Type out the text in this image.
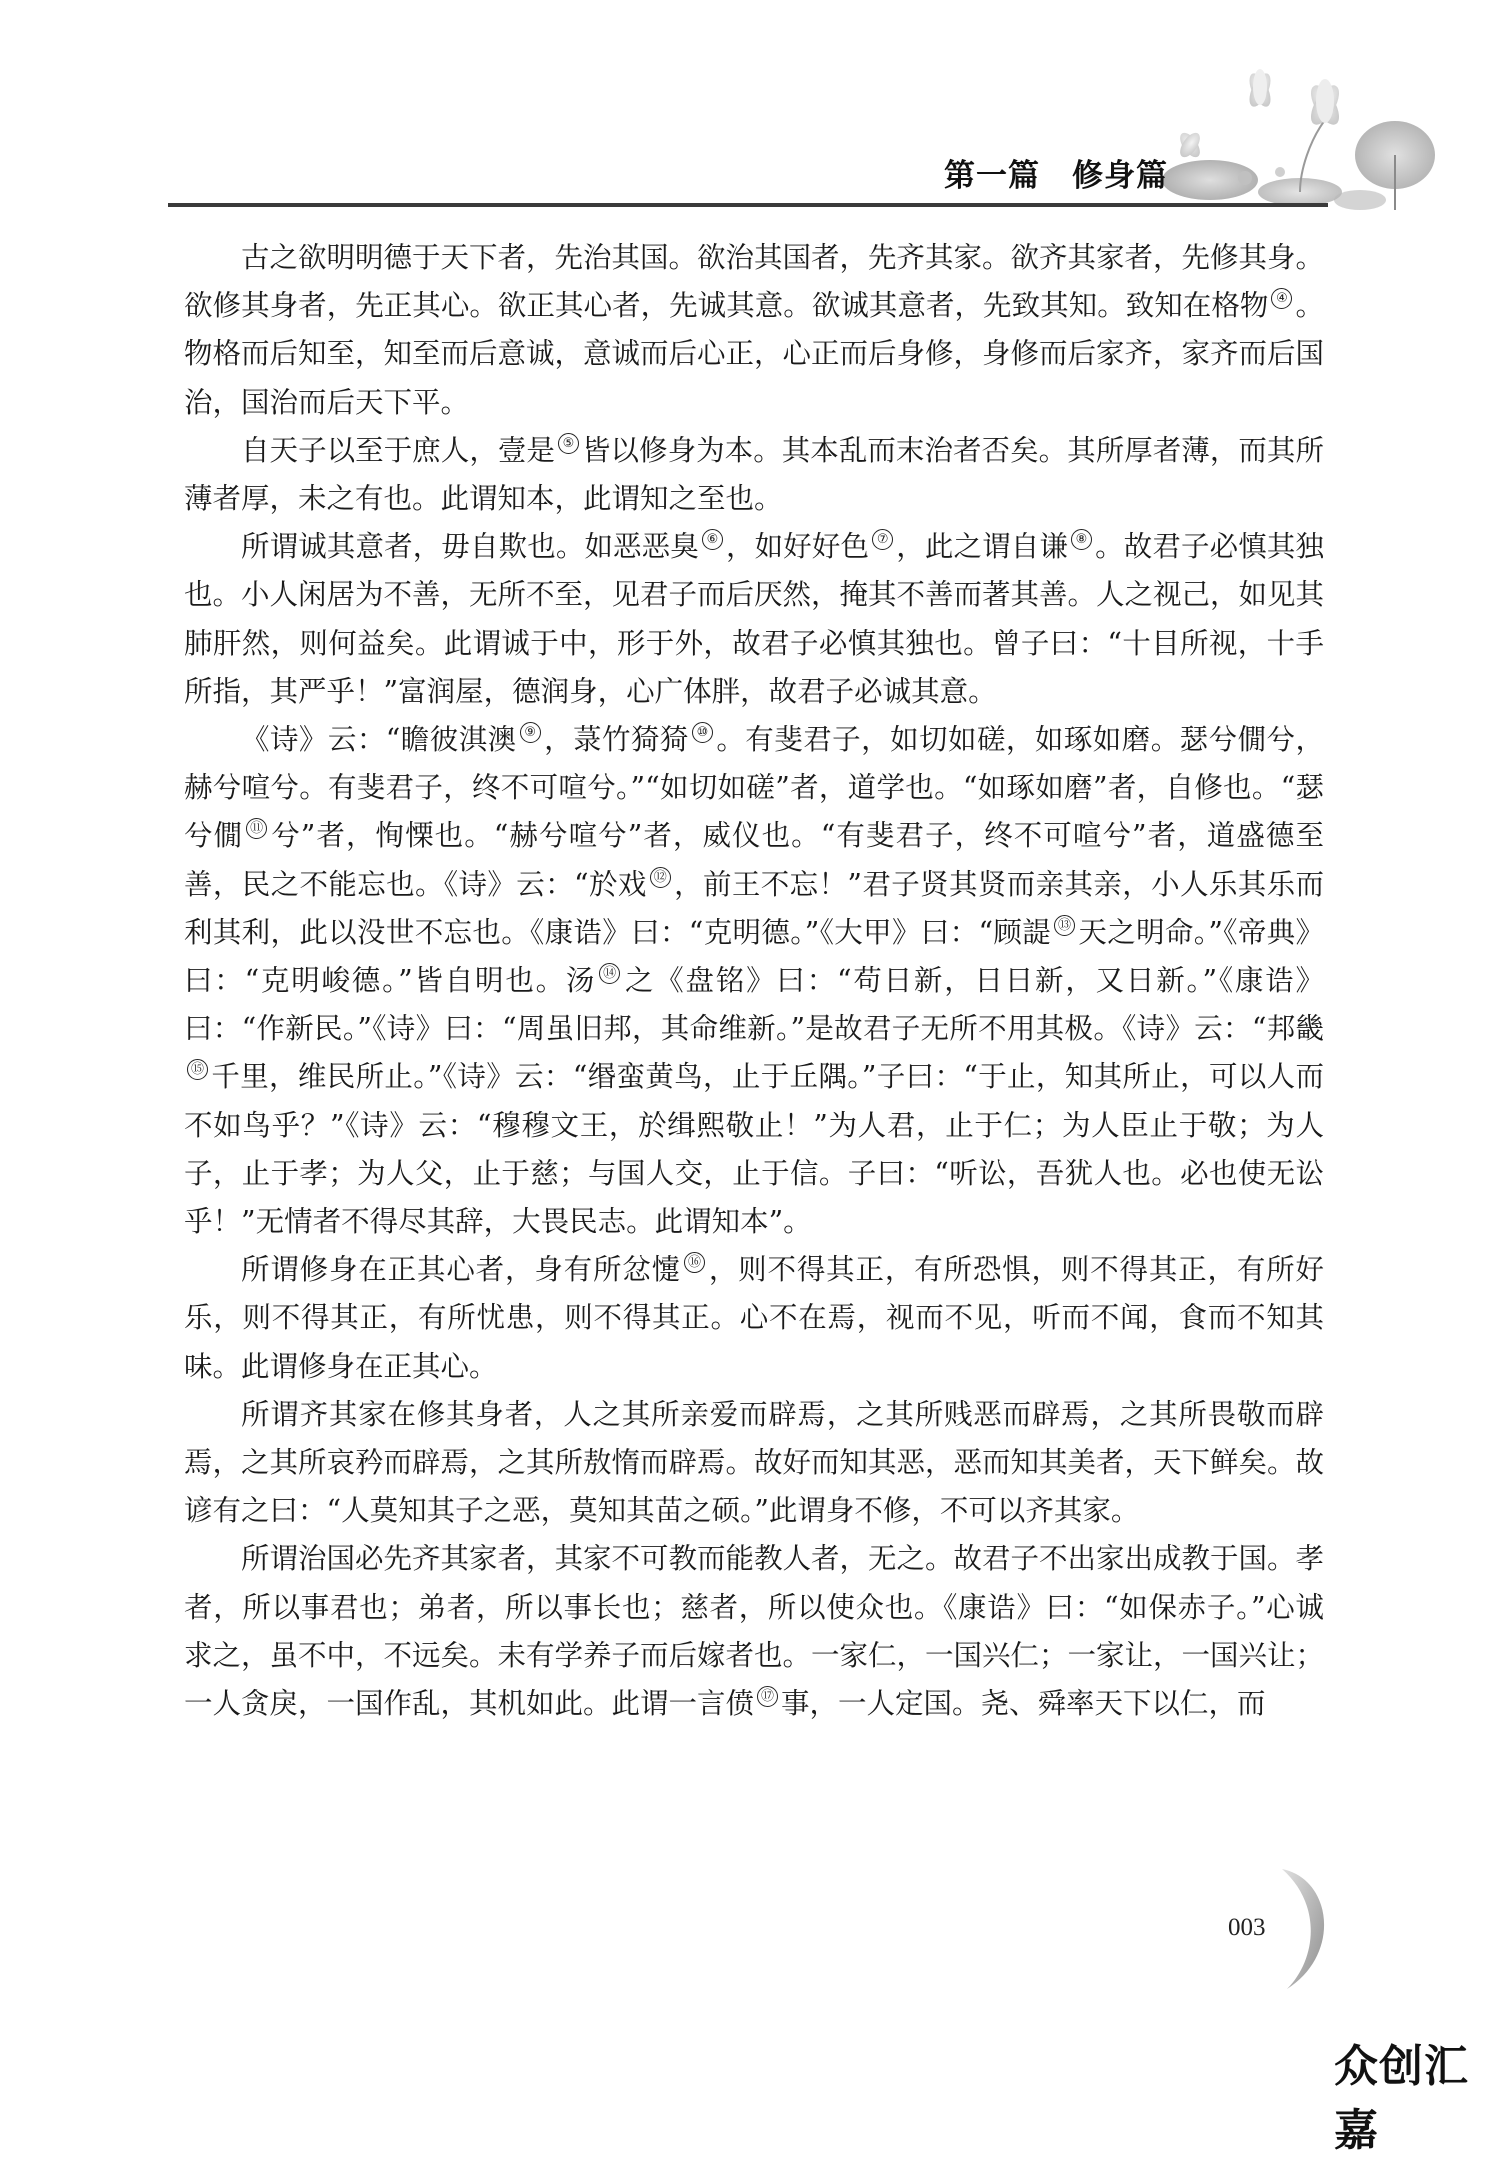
第一篇　修身篇

古之欲明明德于天下者，先治其国。欲治其国者，先齐其家。欲齐其家者，先修其身。欲修其身者，先正其心。欲正其心者，先诚其意。欲诚其意者，先致其知。致知在格物 ④ 。物格而后知至，知至而后意诚，意诚而后心正，心正而后身修，身修而后家齐，家齐而后国治，国治而后天下平。

自天子以至于庶人，壹是 ⑤ 皆以修身为本。其本乱而末治者否矣。其所厚者薄，而其所薄者厚，未之有也。此谓知本，此谓知之至也。

所谓诚其意者，毋自欺也。如恶恶臭 ⑥ ，如好好色 ⑦ ，此之谓自谦 ⑧ 。故君子必慎其独也。小人闲居为不善，无所不至，见君子而后厌然，掩其不善而著其善。人之视己，如见其肺肝然，则何益矣。此谓诚于中，形于外，故君子必慎其独也。曾子曰：“十目所视，十手所指，其严乎！”富润屋，德润身，心广体胖，故君子必诚其意。

《诗》云：“瞻彼淇澳 ⑨ ，菉竹猗猗 ⑩ 。有斐君子，如切如磋，如琢如磨。瑟兮僩兮，赫兮喧兮。有斐君子，终不可喧兮。”“如切如磋”者，道学也。“如琢如磨”者，自修也。“瑟兮僩 ⑪ 兮”者，恂慄也。“赫兮喧兮”者，威仪也。“有斐君子，终不可喧兮”者，道盛德至善，民之不能忘也。《诗》云：“於戏 ⑫ ，前王不忘！”君子贤其贤而亲其亲，小人乐其乐而利其利，此以没世不忘也。《康诰》曰：“克明德。”《大甲》曰：“顾諟 ⑬ 天之明命。”《帝典》曰：“克明峻德。”皆自明也。汤 ⑭ 之《盘铭》曰：“苟日新，日日新，又日新。”《康诰》曰：“作新民。”《诗》曰：“周虽旧邦，其命维新。”是故君子无所不用其极。《诗》云：“邦畿⑮ 千里，维民所止。”《诗》云：“缗蛮黄鸟，止于丘隅。”子曰：“于止，知其所止，可以人而不如鸟乎？”《诗》云：“穆穆文王，於缉熙敬止！”为人君，止于仁；为人臣止于敬；为人子，止于孝；为人父，止于慈；与国人交，止于信。子曰：“听讼，吾犹人也。必也使无讼乎！”无情者不得尽其辞，大畏民志。此谓知本”。

所谓修身在正其心者，身有所忿懥 ⑯ ，则不得其正，有所恐惧，则不得其正，有所好乐，则不得其正，有所忧患，则不得其正。心不在焉，视而不见，听而不闻，食而不知其味。此谓修身在正其心。

所谓齐其家在修其身者，人之其所亲爱而辟焉，之其所贱恶而辟焉，之其所畏敬而辟焉，之其所哀矜而辟焉，之其所敖惰而辟焉。故好而知其恶，恶而知其美者，天下鲜矣。故谚有之曰：“人莫知其子之恶，莫知其苗之硕。”此谓身不修，不可以齐其家。

所谓治国必先齐其家者，其家不可教而能教人者，无之。故君子不出家出成教于国。孝者，所以事君也；弟者，所以事长也；慈者，所以使众也。《康诰》曰：“如保赤子。”心诚求之，虽不中，不远矣。未有学养子而后嫁者也。一家仁，一国兴仁；一家让，一国兴让；一人贪戾，一国作乱，其机如此。此谓一言偾 ⑰ 事，一人定国。尧、舜率天下以仁，而

003
众创汇嘉
